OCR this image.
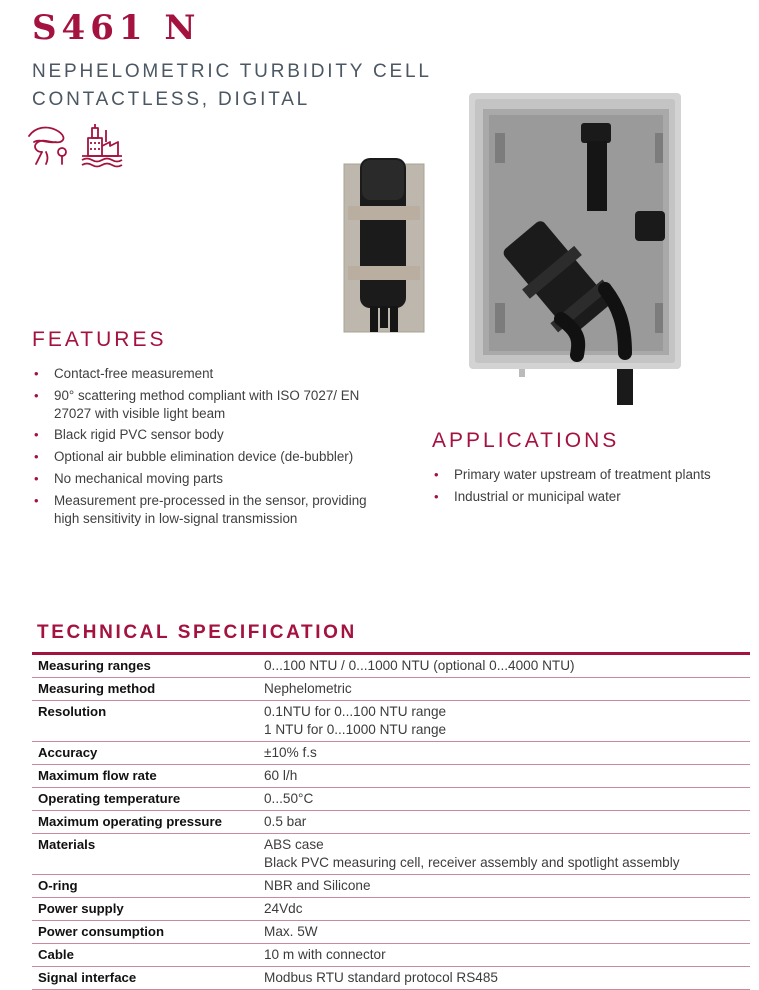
S461 N
NEPHELOMETRIC TURBIDITY CELL
CONTACTLESS, DIGITAL
FEATURES
• Contact-free measurement
• 90° scattering method compliant with ISO 7027/ EN 27027 with visible light beam
• Black rigid PVC sensor body
• Optional air bubble elimination device (de-bubbler)
• No mechanical moving parts
• Measurement pre-processed in the sensor, providing high sensitivity in low-signal transmission
APPLICATIONS
• Primary water upstream of treatment plants
• Industrial or municipal water
TECHNICAL SPECIFICATION
Measuring ranges	0...100 NTU / 0...1000 NTU (optional 0...4000 NTU)
Measuring method	Nephelometric
Resolution	0.1NTU for 0...100 NTU range
1 NTU for 0...1000 NTU range

Accuracy	±10% f.s
Maximum flow rate	60 l/h
Operating temperature	0...50°C
Maximum operating pressure	0.5 bar
Materials	ABS case
Black PVC measuring cell, receiver assembly and spotlight assembly

O-ring	NBR and Silicone
Power supply	24Vdc
Power consumption	Max. 5W
Cable	10 m with connector
Signal interface	Modbus RTU standard protocol RS485
